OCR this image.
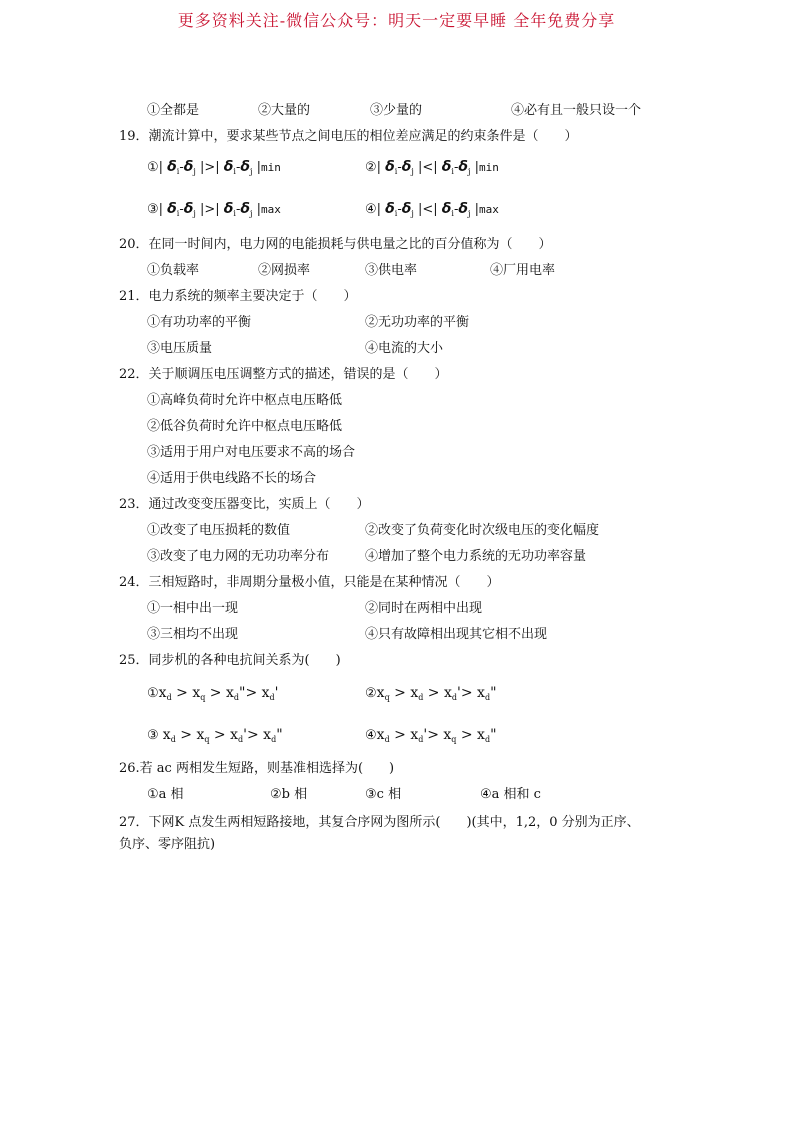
更多资料关注-微信公众号：明天一定要早睡 全年免费分享
①全都是	②大量的	③少量的	④必有且一般只设一个
19．潮流计算中，要求某些节点之间电压的相位差应满足的约束条件是（　　）
①| $\delta_i-\delta_j$ |>| $\delta_i-\delta_j$ |min	②| $\delta_i-\delta_j$ |<| $\delta_i-\delta_j$ |min
③| $\delta_i-\delta_j$ |>| $\delta_i-\delta_j$ |max	④| $\delta_i-\delta_j$ |<| $\delta_i-\delta_j$ |max
20．在同一时间内，电力网的电能损耗与供电量之比的百分值称为（　　）
①负载率	②网损率	③供电率	④厂用电率
21．电力系统的频率主要决定于（　　）
①有功功率的平衡	②无功功率的平衡
③电压质量	④电流的大小
22．关于顺调压电压调整方式的描述，错误的是（　　）
①高峰负荷时允许中枢点电压略低
②低谷负荷时允许中枢点电压略低
③适用于用户对电压要求不高的场合
④适用于供电线路不长的场合
23．通过改变变压器变比，实质上（　　）
①改变了电压损耗的数值	②改变了负荷变化时次级电压的变化幅度
③改变了电力网的无功功率分布	④增加了整个电力系统的无功功率容量
24．三相短路时，非周期分量极小值，只能是在某种情况（　　）
①一相中出一现	②同时在两相中出现
③三相均不出现	④只有故障相出现其它相不出现
25．同步机的各种电抗间关系为(　　)
$①x_d > x_q$ > $x_d"> x_d'$	$②x_q > x_d > x_d'> x_d$"
③ $x_d > x_q > x_d'> x_d$"	$④x_d > x_d'> x_q > x_d$"
26.若 ac 两相发生短路，则基准相选择为(　　)
①a 相	②b 相	③c 相	④a 相和 c
27．下网K 点发生两相短路接地，其复合序网为图所示(　　)(其中，1,2，0 分别为正序、
负序、零序阻抗)
